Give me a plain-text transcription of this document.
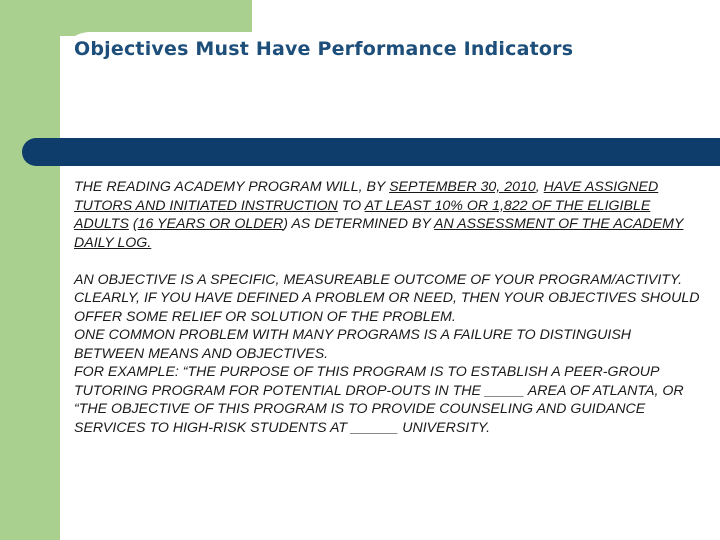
Objectives Must Have Performance Indicators

THE READING ACADEMY PROGRAM WILL, BY SEPTEMBER 30, 2010, HAVE ASSIGNED TUTORS AND INITIATED INSTRUCTION TO AT LEAST 10% OR 1,822 OF THE ELIGIBLE ADULTS (16 YEARS OR OLDER) AS DETERMINED BY AN ASSESSMENT OF THE ACADEMY DAILY LOG.

AN OBJECTIVE IS A SPECIFIC, MEASUREABLE OUTCOME OF YOUR PROGRAM/ACTIVITY.

CLEARLY, IF YOU HAVE DEFINED A PROBLEM OR NEED, THEN YOUR OBJECTIVES SHOULD OFFER SOME RELIEF OR SOLUTION OF THE PROBLEM.

ONE COMMON PROBLEM WITH MANY PROGRAMS IS A FAILURE TO DISTINGUISH BETWEEN MEANS AND OBJECTIVES.

FOR EXAMPLE: “THE PURPOSE OF THIS PROGRAM IS TO ESTABLISH A PEER-GROUP TUTORING PROGRAM FOR POTENTIAL DROP-OUTS IN THE _____ AREA OF ATLANTA, OR

“THE OBJECTIVE OF THIS PROGRAM IS TO PROVIDE COUNSELING AND GUIDANCE SERVICES TO HIGH-RISK STUDENTS AT ______ UNIVERSITY.
